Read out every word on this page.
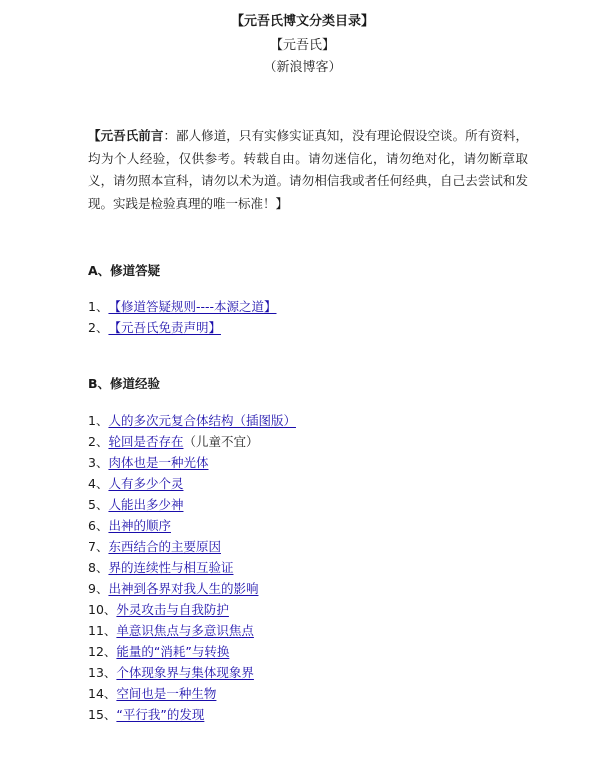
【元吾氏博文分类目录】
【元吾氏】
（新浪博客）
【元吾氏前言：鄙人修道，只有实修实证真知，没有理论假设空谈。所有资料，均为个人经验，仅供参考。转载自由。请勿迷信化，请勿绝对化，请勿断章取义，请勿照本宣科，请勿以术为道。请勿相信我或者任何经典，自己去尝试和发现。实践是检验真理的唯一标准！】
A、修道答疑
1、【修道答疑规则----本源之道】
2、【元吾氏免责声明】
B、修道经验
1、人的多次元复合体结构（插图版）
2、轮回是否存在（儿童不宜）
3、肉体也是一种光体
4、人有多少个灵
5、人能出多少神
6、出神的顺序
7、东西结合的主要原因
8、界的连续性与相互验证
9、出神到各界对我人生的影响
10、外灵攻击与自我防护
11、单意识焦点与多意识焦点
12、能量的“消耗”与转换
13、个体现象界与集体现象界
14、空间也是一种生物
15、“平行我”的发现
